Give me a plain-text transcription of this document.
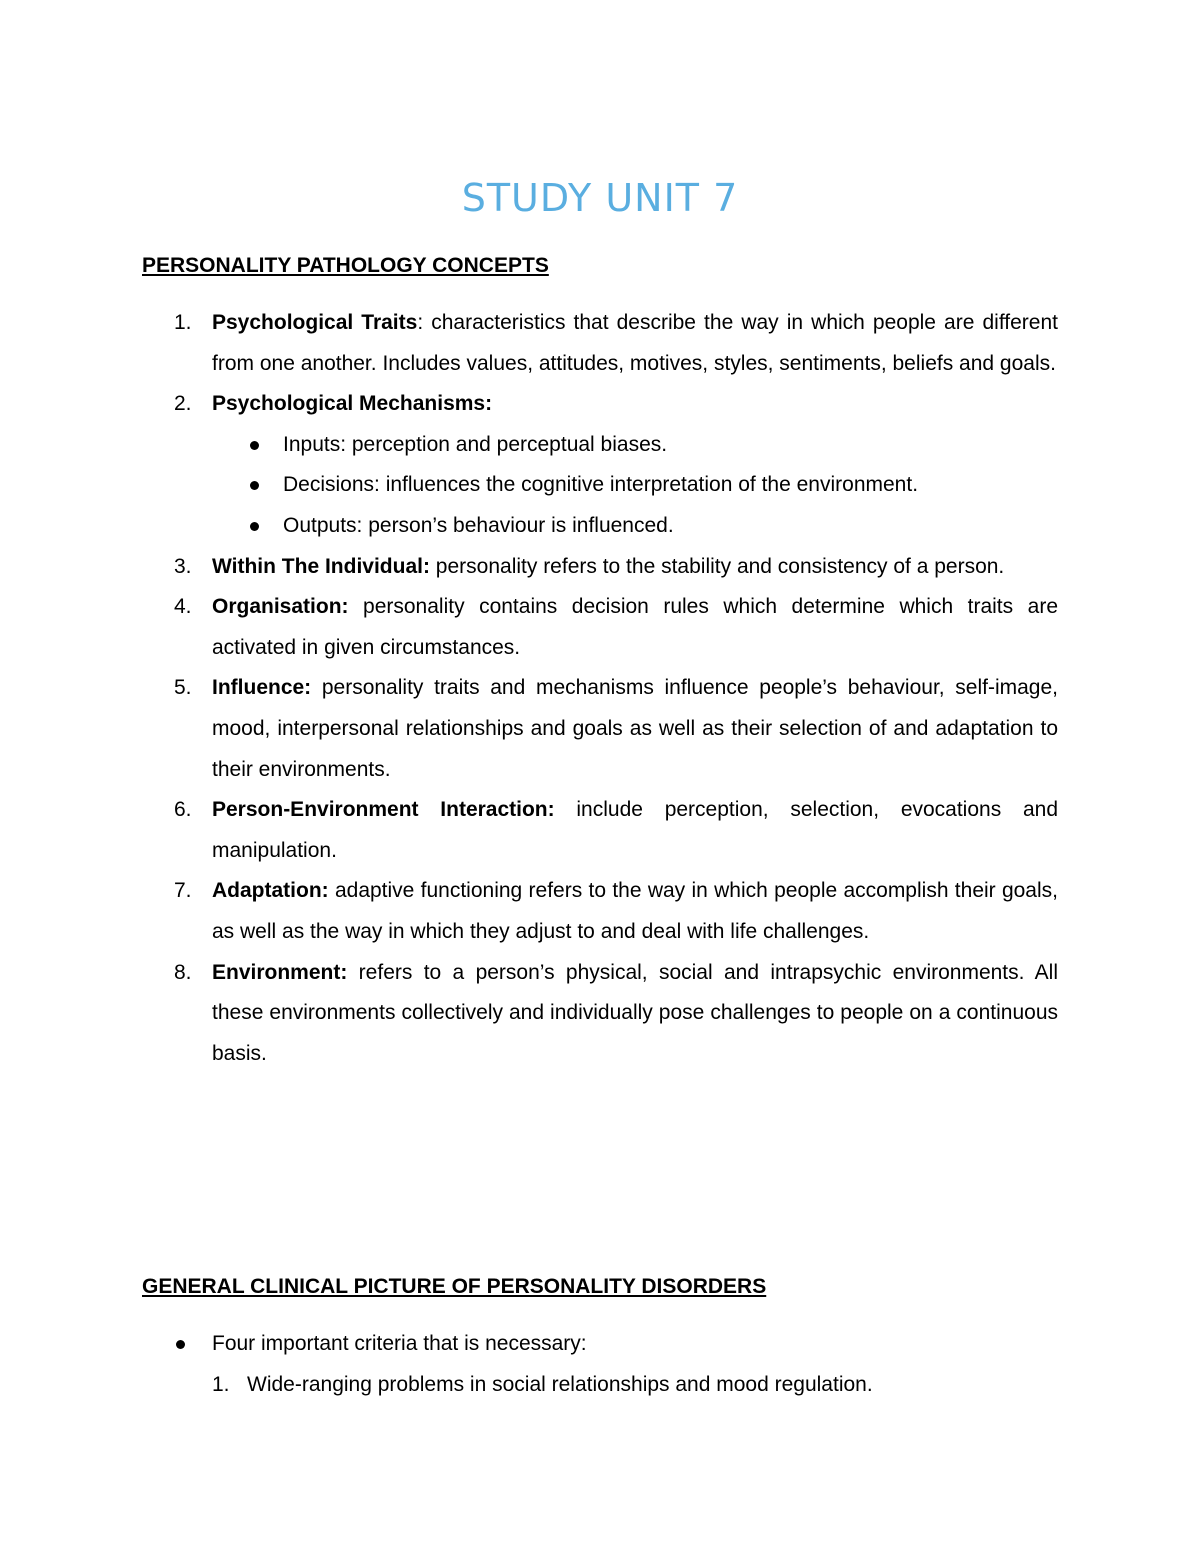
STUDY UNIT 7
PERSONALITY PATHOLOGY CONCEPTS
1. Psychological Traits: characteristics that describe the way in which people are different from one another. Includes values, attitudes, motives, styles, sentiments, beliefs and goals.
2. Psychological Mechanisms:
Inputs: perception and perceptual biases.
Decisions: influences the cognitive interpretation of the environment.
Outputs: person’s behaviour is influenced.
3. Within The Individual: personality refers to the stability and consistency of a person.
4. Organisation: personality contains decision rules which determine which traits are activated in given circumstances.
5. Influence: personality traits and mechanisms influence people’s behaviour, self-image, mood, interpersonal relationships and goals as well as their selection of and adaptation to their environments.
6. Person-Environment Interaction: include perception, selection, evocations and manipulation.
7. Adaptation: adaptive functioning refers to the way in which people accomplish their goals, as well as the way in which they adjust to and deal with life challenges.
8. Environment: refers to a person’s physical, social and intrapsychic environments. All these environments collectively and individually pose challenges to people on a continuous basis.
GENERAL CLINICAL PICTURE OF PERSONALITY DISORDERS
Four important criteria that is necessary:
1. Wide-ranging problems in social relationships and mood regulation.
